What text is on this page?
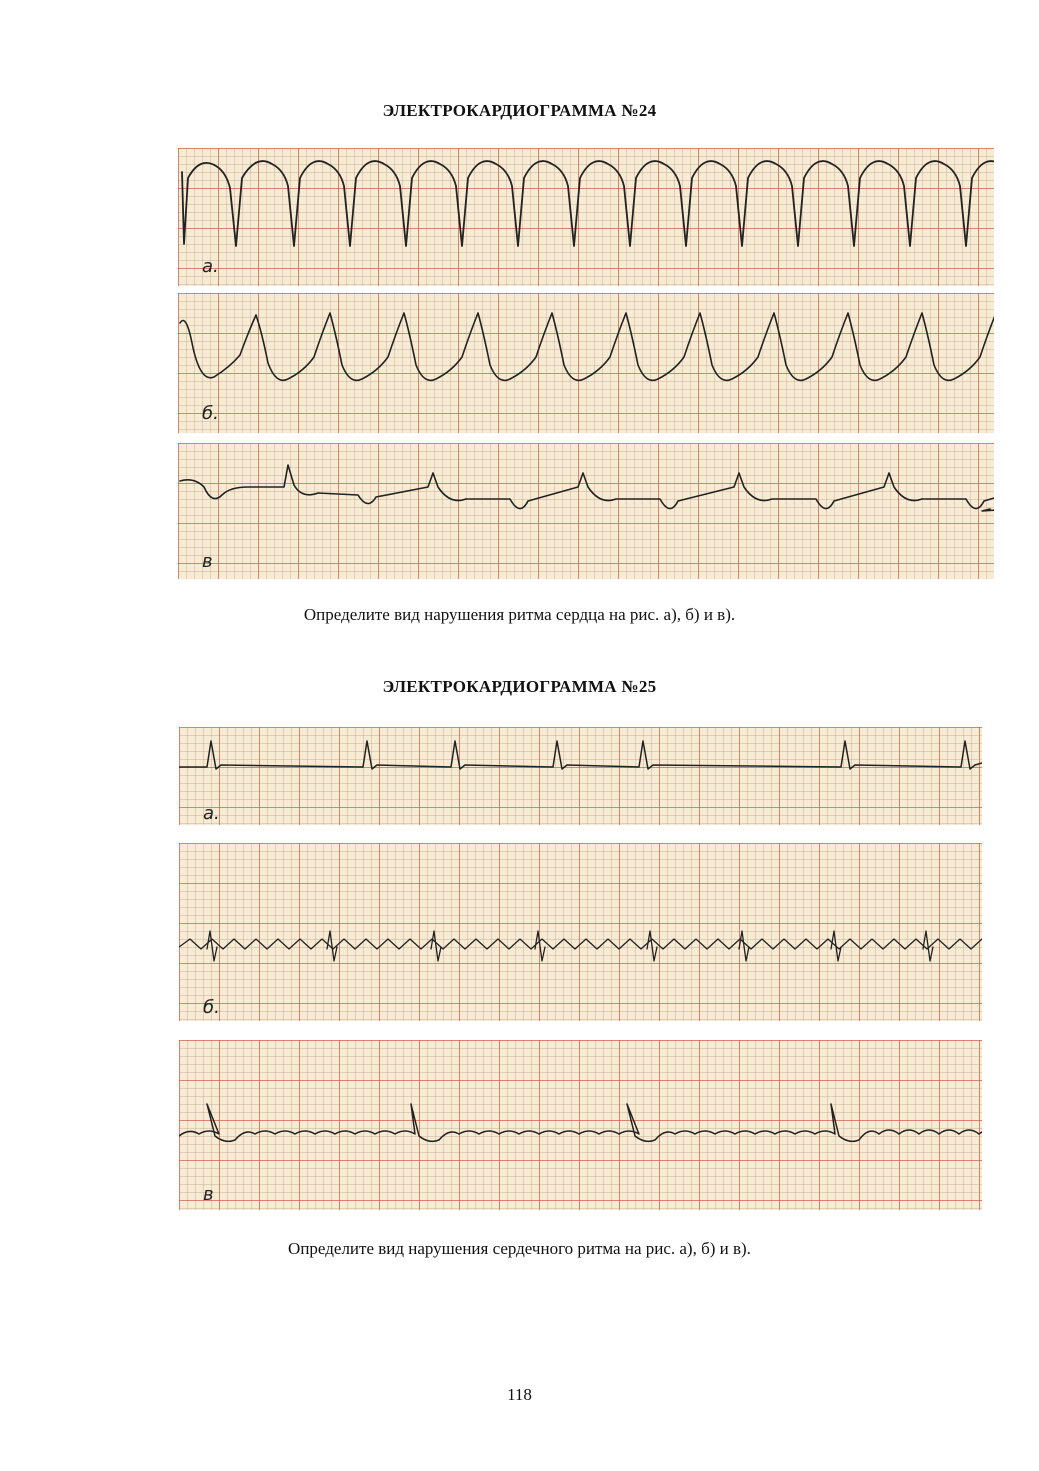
ЭЛЕКТРОКАРДИОГРАММА №24
а.
б.
в
Определите вид нарушения ритма сердца на рис. а), б) и в).
ЭЛЕКТРОКАРДИОГРАММА №25
а.
б.
в
Определите вид нарушения сердечного ритма на рис. а), б) и в).
118
